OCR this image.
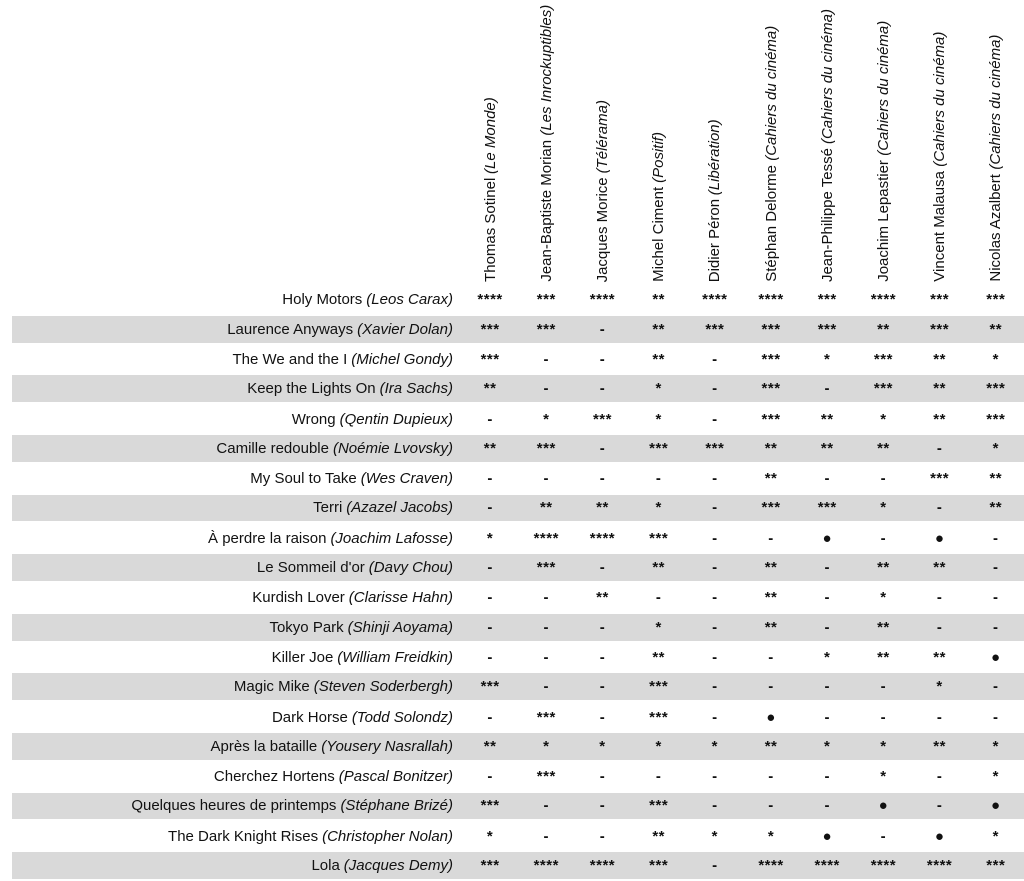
Thomas Sotinel(Le Monde)
Jean-Baptiste Morian(Les Inrockuptibles)
Jacques Morice(Télérama)
Michel Ciment(Positif)
Didier Péron(Libération)
Stéphan Delorme(Cahiers du cinéma)
Jean-Philippe Tessé(Cahiers du cinéma)
Joachim Lepastier(Cahiers du cinéma)
Vincent Malausa(Cahiers du cinéma)
Nicolas Azalbert(Cahiers du cinéma)
Holy Motors (Leos Carax)	****	***	****	**	****	****	***	****	***	***
Laurence Anyways (Xavier Dolan)	***	***	-	**	***	***	***	**	***	**
The We and the I (Michel Gondy)	***	-	-	**	-	***	*	***	**	*
Keep the Lights On (Ira Sachs)	**	-	-	*	-	***	-	***	**	***
Wrong (Qentin Dupieux)	-	*	***	*	-	***	**	*	**	***
Camille redouble (Noémie Lvovsky)	**	***	-	***	***	**	**	**	-	*
My Soul to Take (Wes Craven)	-	-	-	-	-	**	-	-	***	**
Terri (Azazel Jacobs)	-	**	**	*	-	***	***	*	-	**
À perdre la raison (Joachim Lafosse)	*	****	****	***	-	-	●	-	●	-
Le Sommeil d'or (Davy Chou)	-	***	-	**	-	**	-	**	**	-
Kurdish Lover (Clarisse Hahn)	-	-	**	-	-	**	-	*	-	-
Tokyo Park (Shinji Aoyama)	-	-	-	*	-	**	-	**	-	-
Killer Joe (William Freidkin)	-	-	-	**	-	-	*	**	**	●
Magic Mike (Steven Soderbergh)	***	-	-	***	-	-	-	-	*	-
Dark Horse (Todd Solondz)	-	***	-	***	-	●	-	-	-	-
Après la bataille (Yousery Nasrallah)	**	*	*	*	*	**	*	*	**	*
Cherchez Hortens (Pascal Bonitzer)	-	***	-	-	-	-	-	*	-	*
Quelques heures de printemps (Stéphane Brizé)	***	-	-	***	-	-	-	●	-	●
The Dark Knight Rises (Christopher Nolan)	*	-	-	**	*	*	●	-	●	*
Lola (Jacques Demy)	***	****	****	***	-	****	****	****	****	***
